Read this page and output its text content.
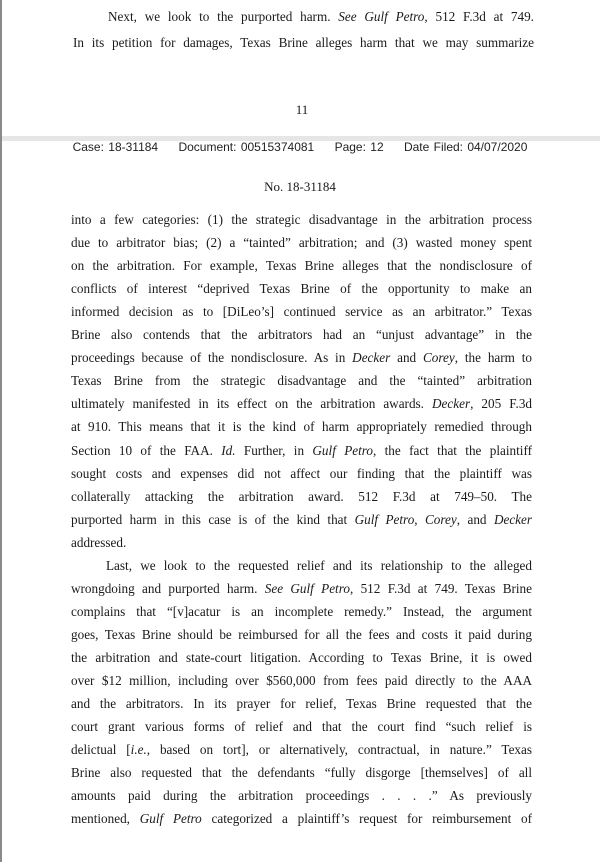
Next, we look to the purported harm. See Gulf Petro, 512 F.3d at 749.
In its petition for damages, Texas Brine alleges harm that we may summarize
11
Case: 18-31184 Document: 00515374081 Page: 12 Date Filed: 04/07/2020
No. 18-31184
into a few categories: (1) the strategic disadvantage in the arbitration process
due to arbitrator bias; (2) a “tainted” arbitration; and (3) wasted money spent
on the arbitration. For example, Texas Brine alleges that the nondisclosure of
conflicts of interest “deprived Texas Brine of the opportunity to make an
informed decision as to [DiLeo’s] continued service as an arbitrator.” Texas
Brine also contends that the arbitrators had an “unjust advantage” in the
proceedings because of the nondisclosure. As in Decker and Corey, the harm to
Texas Brine from the strategic disadvantage and the “tainted” arbitration
ultimately manifested in its effect on the arbitration awards. Decker, 205 F.3d
at 910. This means that it is the kind of harm appropriately remedied through
Section 10 of the FAA. Id. Further, in Gulf Petro, the fact that the plaintiff
sought costs and expenses did not affect our finding that the plaintiff was
collaterally attacking the arbitration award. 512 F.3d at 749–50. The
purported harm in this case is of the kind that Gulf Petro, Corey, and Decker
addressed.
Last, we look to the requested relief and its relationship to the alleged
wrongdoing and purported harm. See Gulf Petro, 512 F.3d at 749. Texas Brine
complains that “[v]acatur is an incomplete remedy.” Instead, the argument
goes, Texas Brine should be reimbursed for all the fees and costs it paid during
the arbitration and state-court litigation. According to Texas Brine, it is owed
over $12 million, including over $560,000 from fees paid directly to the AAA
and the arbitrators. In its prayer for relief, Texas Brine requested that the
court grant various forms of relief and that the court find “such relief is
delictual [i.e., based on tort], or alternatively, contractual, in nature.” Texas
Brine also requested that the defendants “fully disgorge [themselves] of all
amounts paid during the arbitration proceedings . . . .” As previously
mentioned, Gulf Petro categorized a plaintiff’s request for reimbursement of
